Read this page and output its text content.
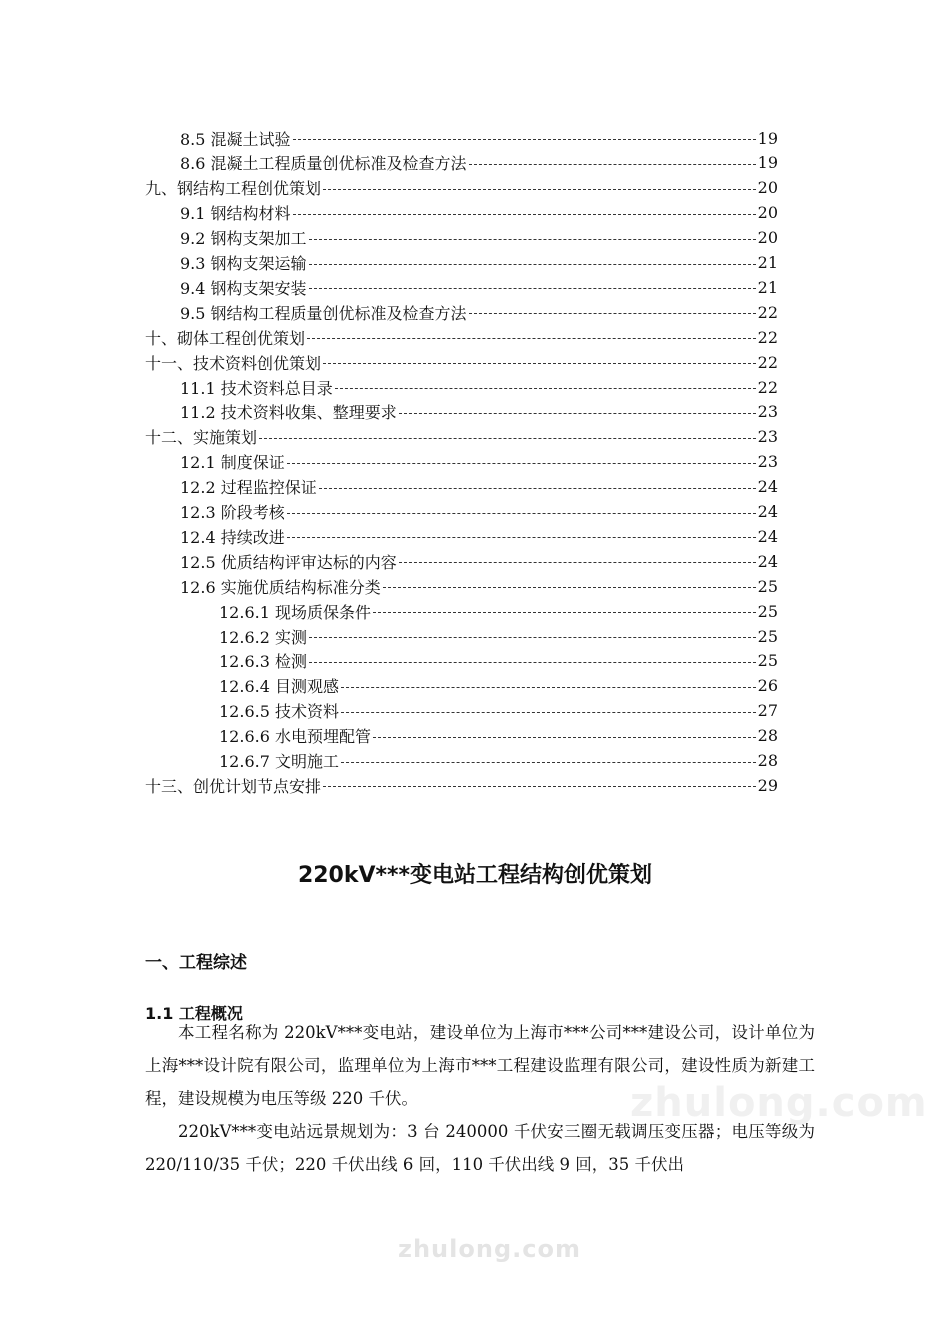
8.5 混凝土试验	19
8.6 混凝土工程质量创优标准及检查方法	19
九、钢结构工程创优策划	20
9.1 钢结构材料	20
9.2 钢构支架加工	20
9.3 钢构支架运输	21
9.4 钢构支架安装	21
9.5 钢结构工程质量创优标准及检查方法	22
十、砌体工程创优策划	22
十一、技术资料创优策划	22
11.1 技术资料总目录	22
11.2 技术资料收集、整理要求	23
十二、实施策划	23
12.1 制度保证	23
12.2 过程监控保证	24
12.3 阶段考核	24
12.4 持续改进	24
12.5 优质结构评审达标的内容	24
12.6 实施优质结构标准分类	25
12.6.1 现场质保条件	25
12.6.2 实测	25
12.6.3 检测	25
12.6.4 目测观感	26
12.6.5 技术资料	27
12.6.6 水电预埋配管	28
12.6.7 文明施工	28
十三、创优计划节点安排	29
220kV***变电站工程结构创优策划
一、工程综述
1.1 工程概况
本工程名称为 220kV***变电站，建设单位为上海市***公司***建设公司，设计单位为上海***设计院有限公司，监理单位为上海市***工程建设监理有限公司，建设性质为新建工程，建设规模为电压等级 220 千伏。
220kV***变电站远景规划为：3 台 240000 千伏安三圈无载调压变压器；电压等级为 220/110/35 千伏；220 千伏出线 6 回，110 千伏出线 9 回，35 千伏出
zhulong.com
zhulong.com
